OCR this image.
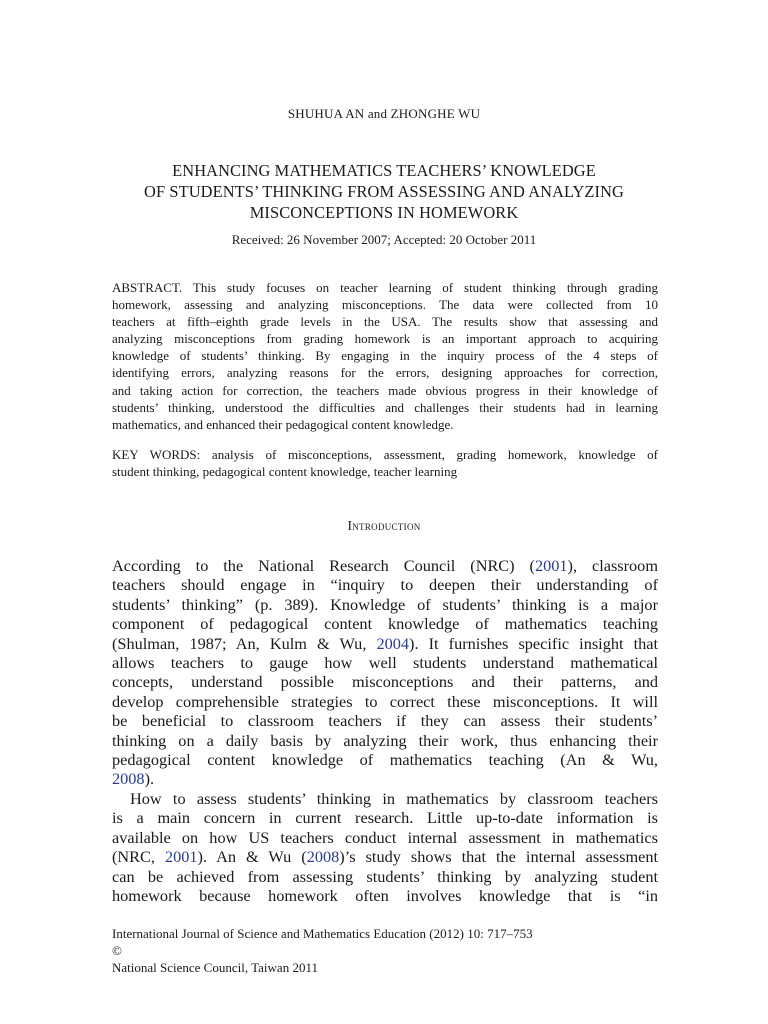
SHUHUA AN and ZHONGHE WU
ENHANCING MATHEMATICS TEACHERS’ KNOWLEDGE
OF STUDENTS’ THINKING FROM ASSESSING AND ANALYZING
MISCONCEPTIONS IN HOMEWORK
Received: 26 November 2007; Accepted: 20 October 2011
ABSTRACT. This study focuses on teacher learning of student thinking through grading
homework, assessing and analyzing misconceptions. The data were collected from 10
teachers at fifth–eighth grade levels in the USA. The results show that assessing and
analyzing misconceptions from grading homework is an important approach to acquiring
knowledge of students’ thinking. By engaging in the inquiry process of the 4 steps of
identifying errors, analyzing reasons for the errors, designing approaches for correction,
and taking action for correction, the teachers made obvious progress in their knowledge of
students’ thinking, understood the difficulties and challenges their students had in learning
mathematics, and enhanced their pedagogical content knowledge.
KEY WORDS: analysis of misconceptions, assessment, grading homework, knowledge of
student thinking, pedagogical content knowledge, teacher learning
Introduction
According to the National Research Council (NRC) (2001), classroom
teachers should engage in “inquiry to deepen their understanding of
students’ thinking” (p. 389). Knowledge of students’ thinking is a major
component of pedagogical content knowledge of mathematics teaching
(Shulman, 1987; An, Kulm & Wu, 2004). It furnishes specific insight that
allows teachers to gauge how well students understand mathematical
concepts, understand possible misconceptions and their patterns, and
develop comprehensible strategies to correct these misconceptions. It will
be beneficial to classroom teachers if they can assess their students’
thinking on a daily basis by analyzing their work, thus enhancing their
pedagogical content knowledge of mathematics teaching (An & Wu,
2008).
How to assess students’ thinking in mathematics by classroom teachers
is a main concern in current research. Little up-to-date information is
available on how US teachers conduct internal assessment in mathematics
(NRC, 2001). An & Wu (2008)’s study shows that the internal assessment
can be achieved from assessing students’ thinking by analyzing student
homework because homework often involves knowledge that is “in
International Journal of Science and Mathematics Education (2012) 10: 717–753
©
National Science Council, Taiwan 2011
